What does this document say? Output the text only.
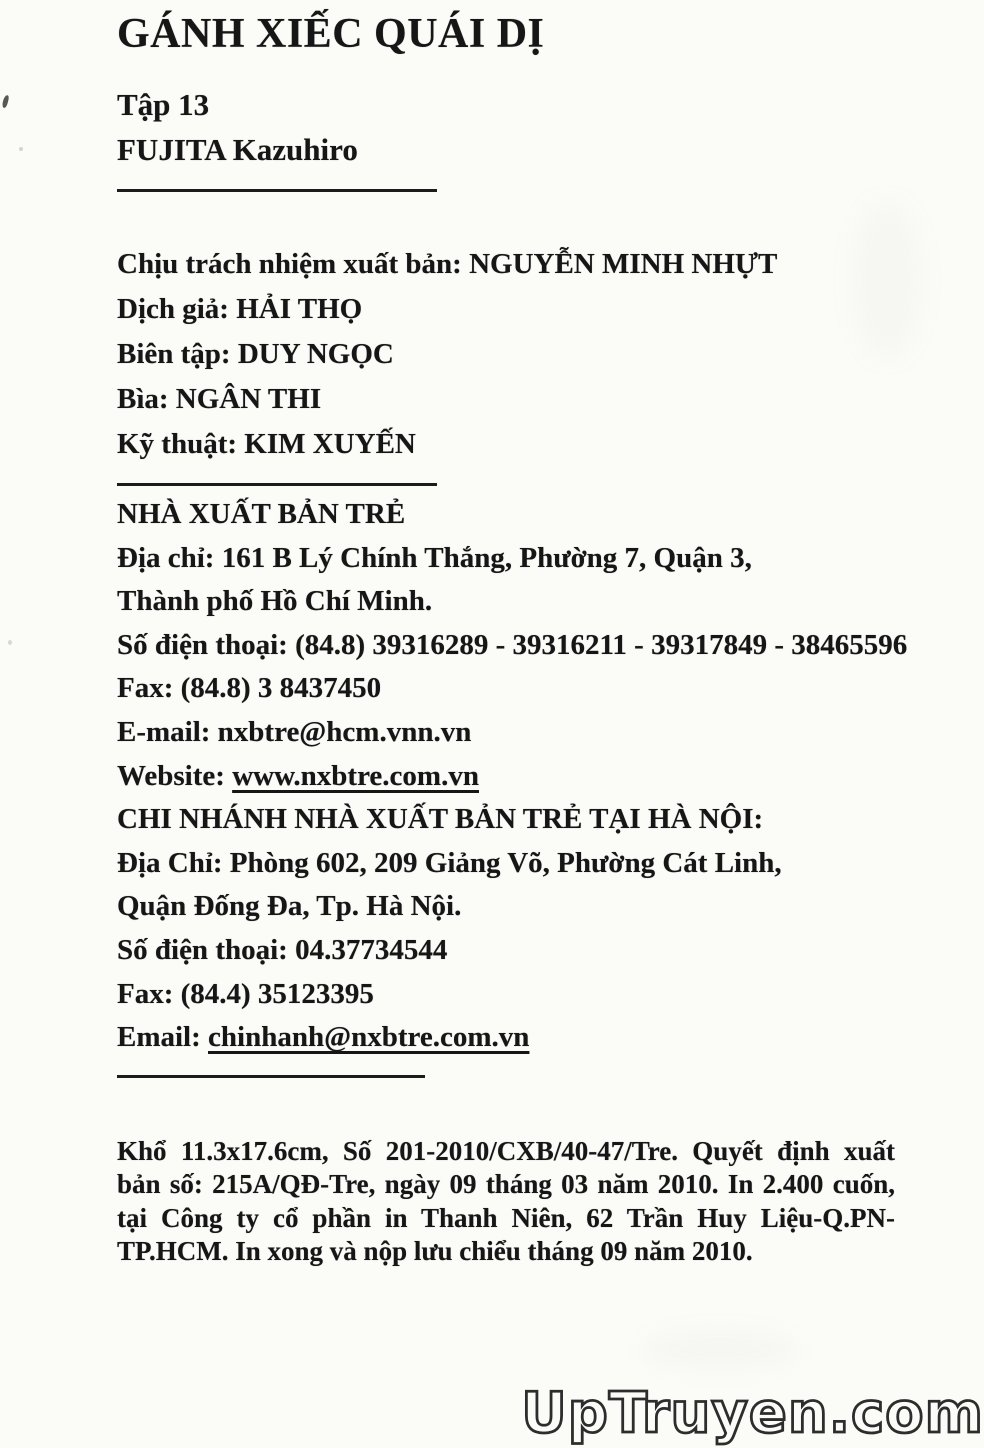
GÁNH XIẾC QUÁI DỊ
Tập 13
FUJITA Kazuhiro
Chịu trách nhiệm xuất bản: NGUYỄN MINH NHỰT
Dịch giả: HẢI THỌ
Biên tập: DUY NGỌC
Bìa: NGÂN THI
Kỹ thuật: KIM XUYẾN
NHÀ XUẤT BẢN TRẺ
Địa chỉ: 161 B Lý Chính Thắng, Phường 7, Quận 3,
Thành phố Hồ Chí Minh.
Số điện thoại: (84.8) 39316289 - 39316211 - 39317849 - 38465596
Fax: (84.8) 3 8437450
E-mail: nxbtre@hcm.vnn.vn
Website: www.nxbtre.com.vn
CHI NHÁNH NHÀ XUẤT BẢN TRẺ TẠI HÀ NỘI:
Địa Chỉ: Phòng 602, 209 Giảng Võ, Phường Cát Linh,
Quận Đống Đa, Tp. Hà Nội.
Số điện thoại: 04.37734544
Fax: (84.4) 35123395
Email: chinhanh@nxbtre.com.vn

Khổ 11.3x17.6cm, Số 201-2010/CXB/40-47/Tre. Quyết định xuất bản số: 215A/QĐ-Tre, ngày 09 tháng 03 năm 2010. In 2.400 cuốn, tại Công ty cổ phần in Thanh Niên, 62 Trần Huy Liệu-Q.PN-TP.HCM. In xong và nộp lưu chiểu tháng 09 năm 2010.

UpTruyen.com
